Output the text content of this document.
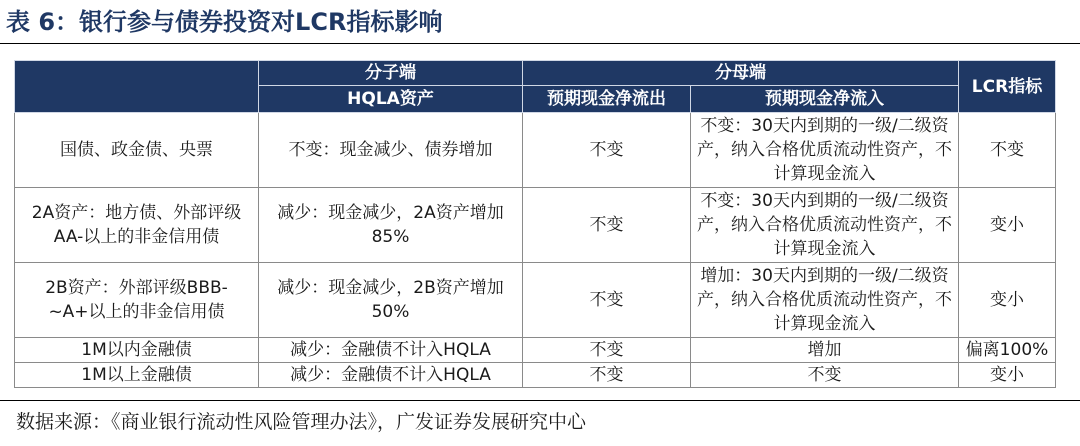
表 6：银行参与债券投资对LCR指标影响
	分子端	分母端		LCR指标
	HQLA资产	预期现金净流出	预期现金净流入	
国债、政金债、央票	不变：现金减少、债券增加	不变	不变：30天内到期的一级/二级资产，纳入合格优质流动性资产，不计算现金流入	不变
2A资产：地方债、外部评级AA-以上的非金信用债	减少：现金减少，2A资产增加85%	不变	不变：30天内到期的一级/二级资产，纳入合格优质流动性资产，不计算现金流入	变小
2B资产：外部评级BBB-~A+以上的非金信用债	减少：现金减少，2B资产增加50%	不变	增加：30天内到期的一级/二级资产，纳入合格优质流动性资产，不计算现金流入	变小
1M以内金融债	减少：金融债不计入HQLA	不变	增加	偏离100%
1M以上金融债	减少：金融债不计入HQLA	不变	不变	变小
数据来源：《商业银行流动性风险管理办法》，广发证券发展研究中心
